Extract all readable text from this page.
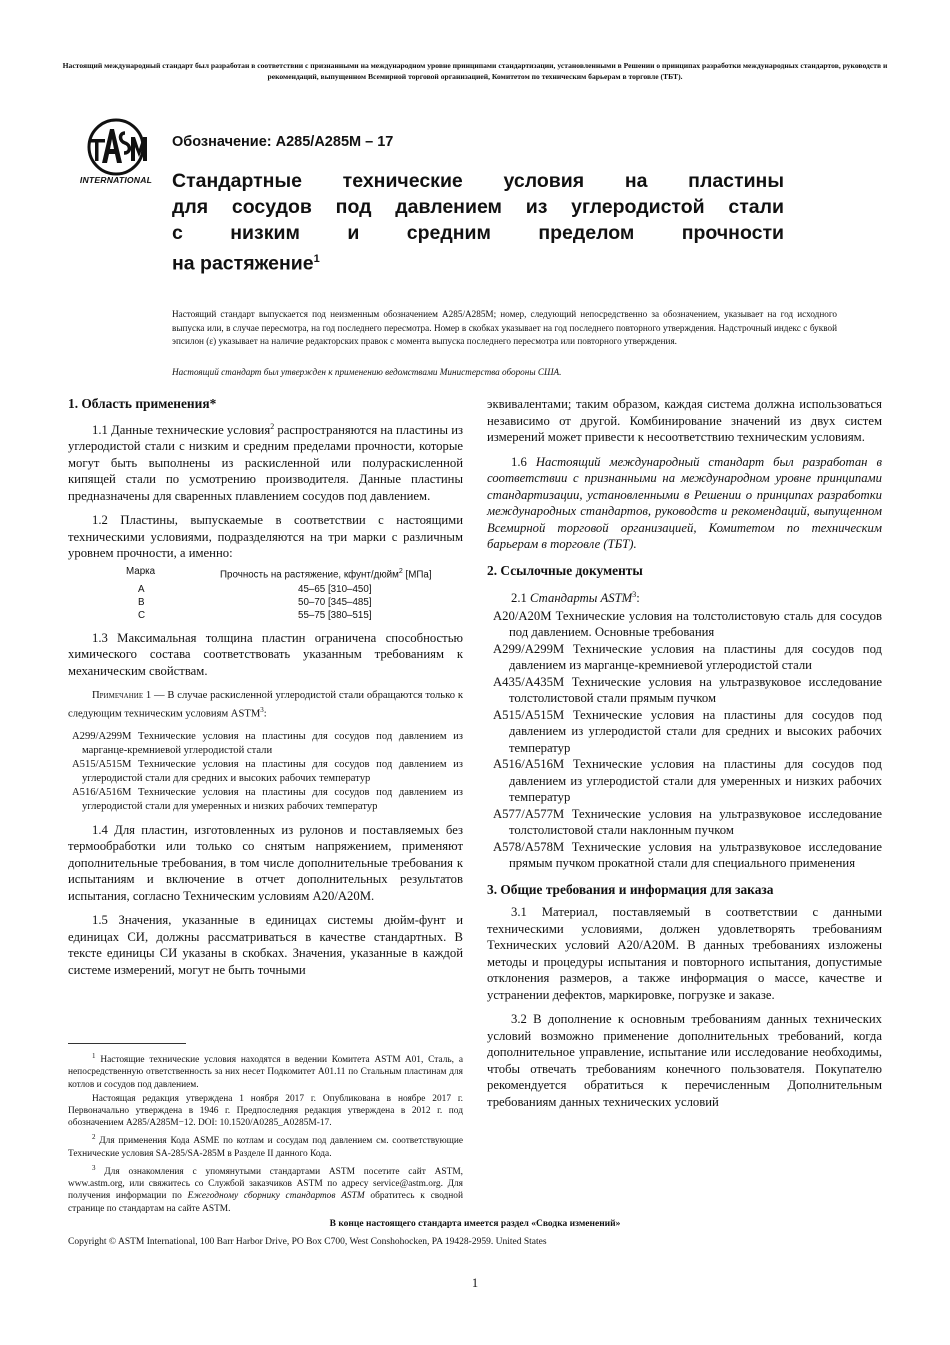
Настоящий международный стандарт был разработан в соответствии с признанными на международном уровне принципами стандартизации, установленными в Решении о принципах разработки международных стандартов, руководств и рекомендаций, выпущенном Всемирной торговой организацией, Комитетом по техническим барьерам в торговле (ТБТ).
INTERNATIONAL
Обозначение: A285/A285M – 17
Стандартные технические условия на пластины
для сосудов под давлением из углеродистой стали
с низким и средним пределом прочности
на растяжение$^1$
Настоящий стандарт выпускается под неизменным обозначением A285/A285M; номер, следующий непосредственно за обозначением, указывает на год исходного выпуска или, в случае пересмотра, на год последнего пересмотра. Номер в скобках указывает на год последнего повторного утверждения. Надстрочный индекс с буквой эпсилон (ε) указывает на наличие редакторских правок с момента выпуска последнего пересмотра или повторного утверждения.
Настоящий стандарт был утвержден к применению ведомствами Министерства обороны США.

1. Область применения*

1.1 Данные технические условия$^2$ распространяются на пластины из углеродистой стали с низким и средним пределами прочности, которые могут быть выполнены из раскисленной или полураскисленной кипящей стали по усмотрению производителя. Данные пластины предназначены для сваренных плавлением сосудов под давлением.

1.2 Пластины, выпускаемые в соответствии с настоящими техническими условиями, подразделяются на три марки с различным уровнем прочности, а именно:

Марка	Прочность на растяжение, кфунт/дюйм$^2$ [МПа]
A	45–65 [310–450]
B	50–70 [345–485]
C	55–75 [380–515]

1.3 Максимальная толщина пластин ограничена способностью химического состава соответствовать указанным требованиям к механическим свойствам.

Примечание 1 — В случае раскисленной углеродистой стали обращаются только к следующим техническим условиям ASTM$^3$:

A299/A299M Технические условия на пластины для сосудов под давлением из марганце-кремниевой углеродистой стали

A515/A515M Технические условия на пластины для сосудов под давлением из углеродистой стали для средних и высоких рабочих температур

A516/A516M Технические условия на пластины для сосудов под давлением из углеродистой стали для умеренных и низких рабочих температур

1.4 Для пластин, изготовленных из рулонов и поставляемых без термообработки или только со снятым напряжением, применяют дополнительные требования, в том числе дополнительные требования к испытаниям и включение в отчет дополнительных результатов испытания, согласно Техническим условиям A20/A20M.

1.5 Значения, указанные в единицах системы дюйм-фунт и единицах СИ, должны рассматриваться в качестве стандартных. В тексте единицы СИ указаны в скобках. Значения, указанные в каждой системе измерений, могут не быть точными

$^1$ Настоящие технические условия находятся в ведении Комитета ASTM A01, Сталь, а непосредственную ответственность за них несет Подкомитет A01.11 по Стальным пластинам для котлов и сосудов под давлением.

Настоящая редакция утверждена 1 ноября 2017 г. Опубликована в ноябре 2017 г. Первоначально утверждена в 1946 г. Предпоследняя редакция утверждена в 2012 г. под обозначением A285/A285M−12. DOI: 10.1520/A0285_A0285M-17.

$^2$ Для применения Кода ASME по котлам и сосудам под давлением см. соответствующие Технические условия SA-285/SA-285M в Разделе II данного Кода.

$^3$ Для ознакомления с упомянутыми стандартами ASTM посетите сайт ASTM, www.astm.org, или свяжитесь со Службой заказчиков ASTM по адресу service@astm.org. Для получения информации по Ежегодному сборнику стандартов ASTM обратитесь к сводной странице по стандартам на сайте ASTM.

эквивалентами; таким образом, каждая система должна использоваться независимо от другой. Комбинирование значений из двух систем измерений может привести к несоответствию техническим условиям.

1.6 Настоящий международный стандарт был разработан в соответствии с признанными на международном уровне принципами стандартизации, установленными в Решении о принципах разработки международных стандартов, руководств и рекомендаций, выпущенном Всемирной торговой организацией, Комитетом по техническим барьерам в торговле (ТБТ).

2. Ссылочные документы

2.1 Стандарты ASTM$^3$:

A20/A20M Технические условия на толстолистовую сталь для сосудов под давлением. Основные требования

A299/A299M Технические условия на пластины для сосудов под давлением из марганце-кремниевой углеродистой стали

A435/A435M Технические условия на ультразвуковое исследование толстолистовой стали прямым пучком

A515/A515M Технические условия на пластины для сосудов под давлением из углеродистой стали для средних и высоких рабочих температур

A516/A516M Технические условия на пластины для сосудов под давлением из углеродистой стали для умеренных и низких рабочих температур

A577/A577M Технические условия на ультразвуковое исследование толстолистовой стали наклонным пучком

A578/A578M Технические условия на ультразвуковое исследование прямым пучком прокатной стали для специального применения

3. Общие требования и информация для заказа

3.1 Материал, поставляемый в соответствии с данными техническими условиями, должен удовлетворять требованиям Технических условий A20/A20M. В данных требованиях изложены методы и процедуры испытания и повторного испытания, допустимые отклонения размеров, а также информация о массе, качестве и устранении дефектов, маркировке, погрузке и заказе.

3.2 В дополнение к основным требованиям данных технических условий возможно применение дополнительных требований, когда дополнительное управление, испытание или исследование необходимы, чтобы отвечать требованиям конечного пользователя. Покупателю рекомендуется обратиться к перечисленным Дополнительным требованиям данных технических условий

В конце настоящего стандарта имеется раздел «Сводка изменений»
Copyright © ASTM International, 100 Barr Harbor Drive, PO Box C700, West Conshohocken, PA 19428-2959. United States
1
